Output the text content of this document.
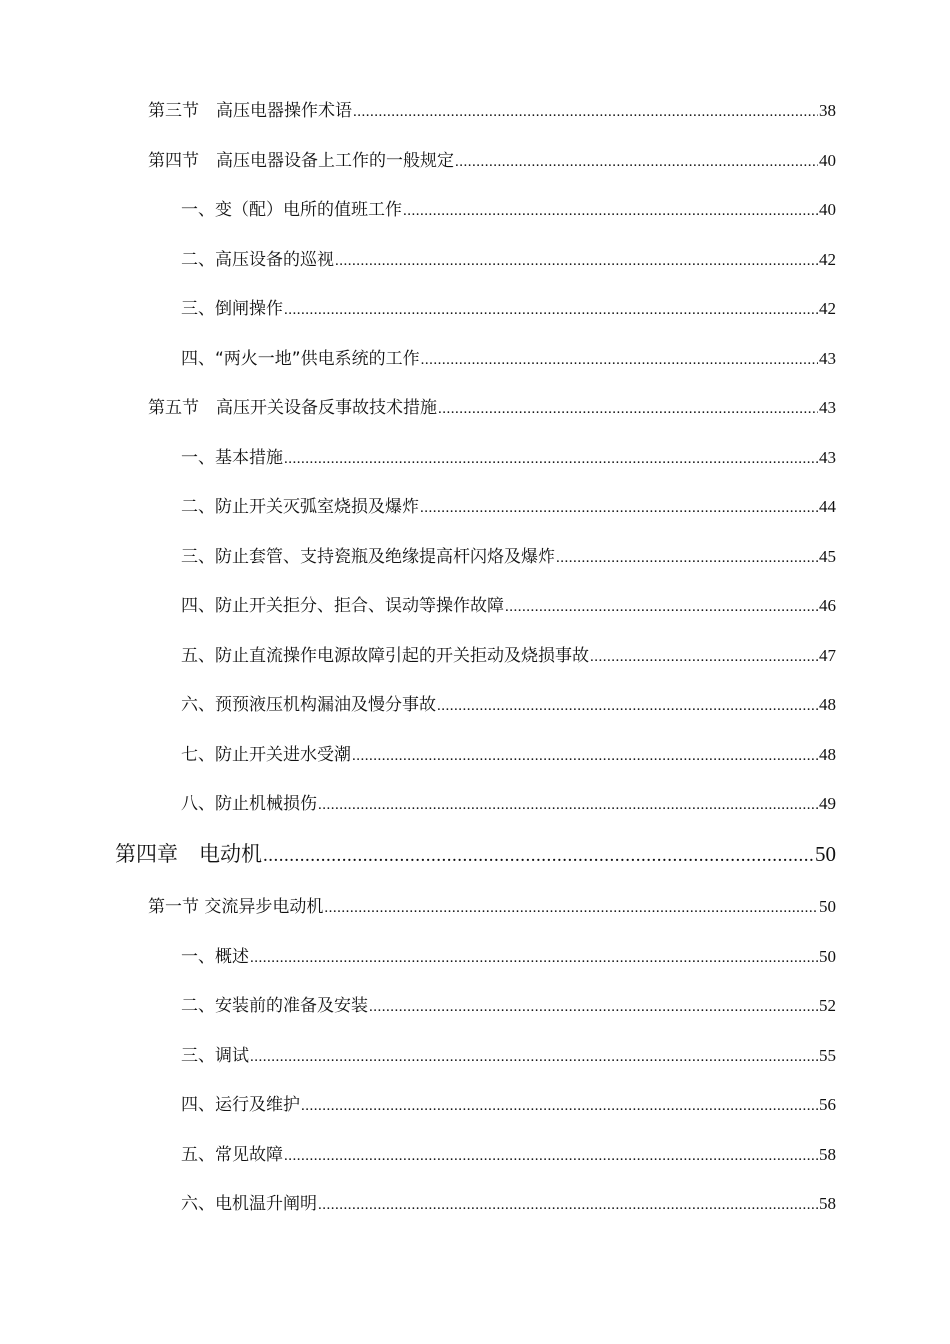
第三节　高压电器操作术语 .....	38
第四节　高压电器设备上工作的一般规定 .....	40
一、变（配）电所的值班工作 .....	40
二、高压设备的巡视 .....	42
三、倒闸操作 .....	42
四、“两火一地”供电系统的工作 .....	43
第五节　高压开关设备反事故技术措施 .....	43
一、基本措施 .....	43
二、防止开关灭弧室烧损及爆炸 .....	44
三、防止套管、支持瓷瓶及绝缘提高杆闪烙及爆炸 .....	45
四、防止开关拒分、拒合、误动等操作故障 .....	46
五、防止直流操作电源故障引起的开关拒动及烧损事故 .....	47
六、预预液压机构漏油及慢分事故 .....	48
七、防止开关进水受潮 .....	48
八、防止机械损伤 .....	49
第四章　电动机 .....	50
第一节 交流异步电动机 .....	50
一、概述 .....	50
二、安装前的准备及安装 .....	52
三、调试 .....	55
四、运行及维护 .....	56
五、常见故障 .....	58
六、电机温升阐明 .....	58
